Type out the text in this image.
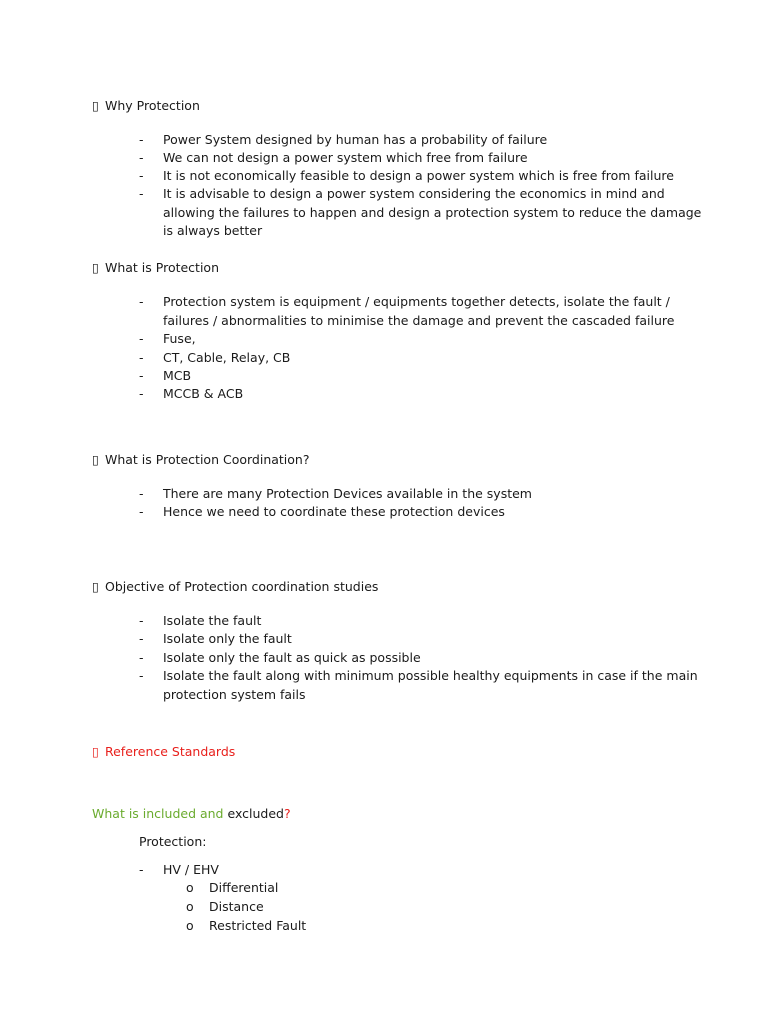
▯ Why Protection
- Power System designed by human has a probability of failure
- We can not design a power system which free from failure
- It is not economically feasible to design a power system which is free from failure
- It is advisable to design a power system considering the economics in mind and
allowing the failures to happen and design a protection system to reduce the damage
is always better
▯ What is Protection
- Protection system is equipment / equipments together detects, isolate the fault /
failures / abnormalities to minimise the damage and prevent the cascaded failure
- Fuse,
- CT, Cable, Relay, CB
- MCB
- MCCB & ACB
▯ What is Protection Coordination?
- There are many Protection Devices available in the system
- Hence we need to coordinate these protection devices
▯ Objective of Protection coordination studies
- Isolate the fault
- Isolate only the fault
- Isolate only the fault as quick as possible
- Isolate the fault along with minimum possible healthy equipments in case if the main
protection system fails
▯ Reference Standards
What is included and excluded?
Protection:
- HV / EHV
o Differential
o Distance
o Restricted Fault
